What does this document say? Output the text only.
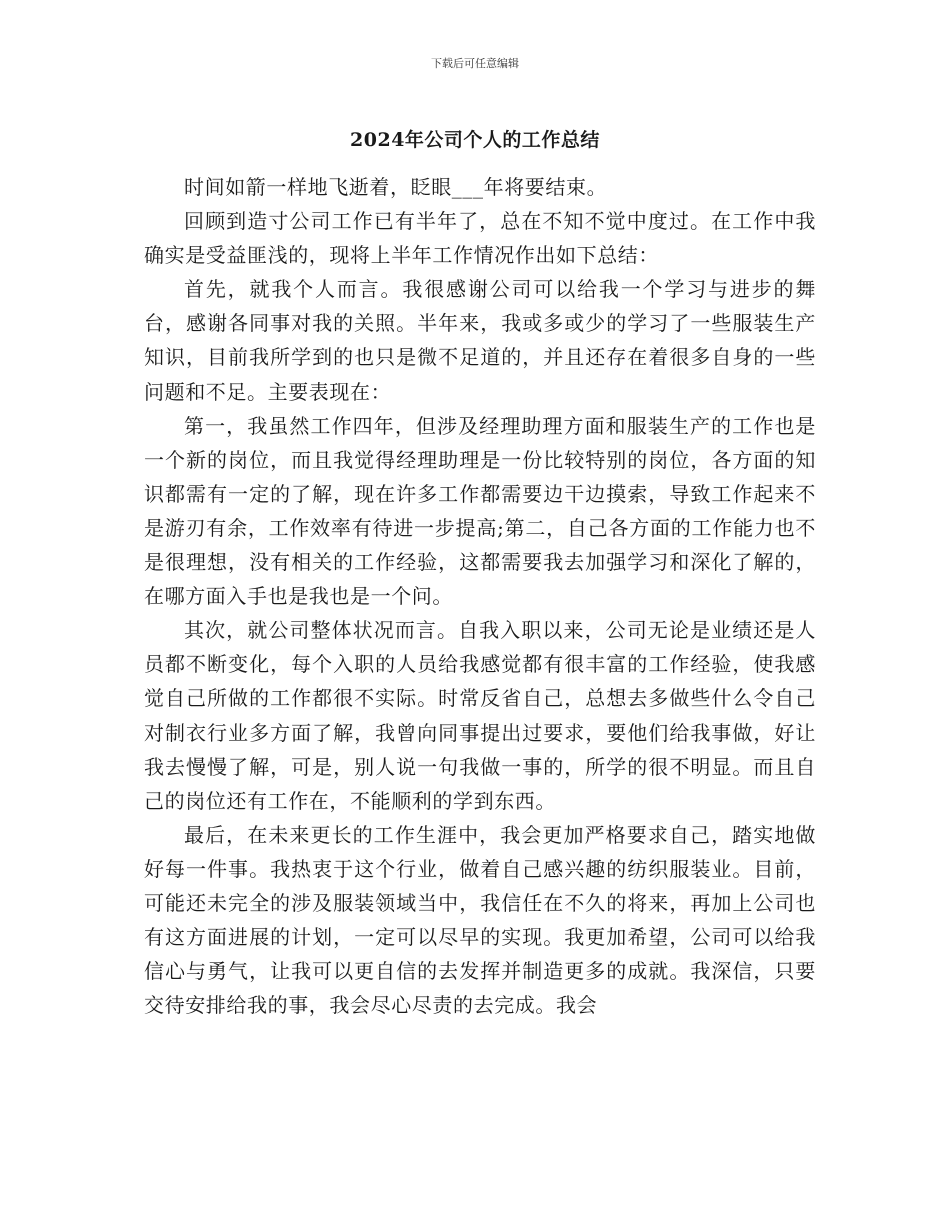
下载后可任意编辑
2024年公司个人的工作总结

时间如箭一样地飞逝着，眨眼___年将要结束。

回顾到造寸公司工作已有半年了，总在不知不觉中度过。在工作中我确实是受益匪浅的，现将上半年工作情况作出如下总结：

首先，就我个人而言。我很感谢公司可以给我一个学习与进步的舞台，感谢各同事对我的关照。半年来，我或多或少的学习了一些服装生产知识，目前我所学到的也只是微不足道的，并且还存在着很多自身的一些问题和不足。主要表现在：

第一，我虽然工作四年，但涉及经理助理方面和服装生产的工作也是一个新的岗位，而且我觉得经理助理是一份比较特别的岗位，各方面的知识都需有一定的了解，现在许多工作都需要边干边摸索，导致工作起来不是游刃有余，工作效率有待进一步提高;第二，自己各方面的工作能力也不是很理想，没有相关的工作经验，这都需要我去加强学习和深化了解的，在哪方面入手也是我也是一个问。

其次，就公司整体状况而言。自我入职以来，公司无论是业绩还是人员都不断变化，每个入职的人员给我感觉都有很丰富的工作经验，使我感觉自己所做的工作都很不实际。时常反省自己，总想去多做些什么令自己对制衣行业多方面了解，我曾向同事提出过要求，要他们给我事做，好让我去慢慢了解，可是，别人说一句我做一事的，所学的很不明显。而且自己的岗位还有工作在，不能顺利的学到东西。

最后，在未来更长的工作生涯中，我会更加严格要求自己，踏实地做好每一件事。我热衷于这个行业，做着自己感兴趣的纺织服装业。目前，可能还未完全的涉及服装领域当中，我信任在不久的将来，再加上公司也有这方面进展的计划，一定可以尽早的实现。我更加希望，公司可以给我信心与勇气，让我可以更自信的去发挥并制造更多的成就。我深信，只要交待安排给我的事，我会尽心尽责的去完成。我会
